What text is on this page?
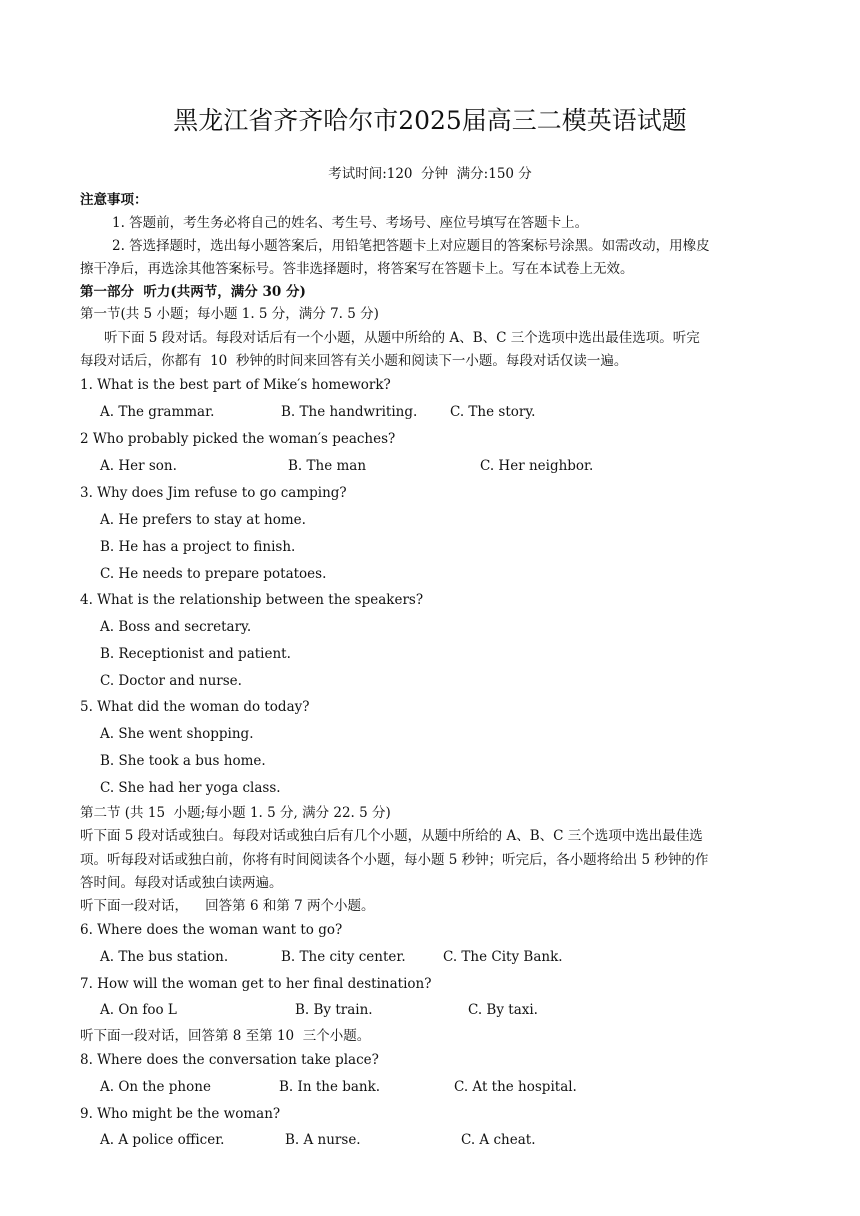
黑龙江省齐齐哈尔市2025届高三二模英语试题
考试时间:120  分钟  满分:150 分
注意事项：
1. 答题前，考生务必将自己的姓名、考生号、考场号、座位号填写在答题卡上。
2. 答选择题时，选出每小题答案后，用铅笔把答题卡上对应题目的答案标号涂黑。如需改动，用橡皮
擦干净后，再选涂其他答案标号。答非选择题时，将答案写在答题卡上。写在本试卷上无效。
第一部分  听力(共两节，满分 30 分)
第一节(共 5 小题；每小题 1. 5 分，满分 7. 5 分)
听下面 5 段对话。每段对话后有一个小题，从题中所给的 A、B、C 三个选项中选出最佳选项。听完
每段对话后，你都有  10  秒钟的时间来回答有关小题和阅读下一小题。每段对话仅读一遍。
1. What is the best part of Mike′s homework?
A. The grammar.	B. The handwriting. C. The story.
2 Who probably picked the woman′s peaches?
A. Her son.	B. The man	C. Her neighbor.
3. Why does Jim refuse to go camping?
A. He prefers to stay at home.
B. He has a project to finish.
C. He needs to prepare potatoes.
4. What is the relationship between the speakers?
A. Boss and secretary.
B. Receptionist and patient.
C. Doctor and nurse.
5. What did the woman do today?
A. She went shopping.
B. She took a bus home.
C. She had her yoga class.
第二节 (共 15  小题;每小题 1. 5 分, 满分 22. 5 分)
听下面 5 段对话或独白。每段对话或独白后有几个小题，从题中所给的 A、B、C 三个选项中选出最佳选
项。听每段对话或独白前，你将有时间阅读各个小题，每小题 5 秒钟；听完后，各小题将给出 5 秒钟的作
答时间。每段对话或独白读两遍。
听下面一段对话，    回答第 6 和第 7 两个小题。
6. Where does the woman want to go?
A. The bus station.	B. The city center.	C. The City Bank.
7. How will the woman get to her final destination?
A. On foo L	B. By train.	C. By taxi.
听下面一段对话，回答第 8 至第 10  三个小题。
8. Where does the conversation take place?
A. On the phone	B. In the bank.	C. At the hospital.
9. Who might be the woman?
A. A police officer.	B. A nurse.	C. A cheat.
